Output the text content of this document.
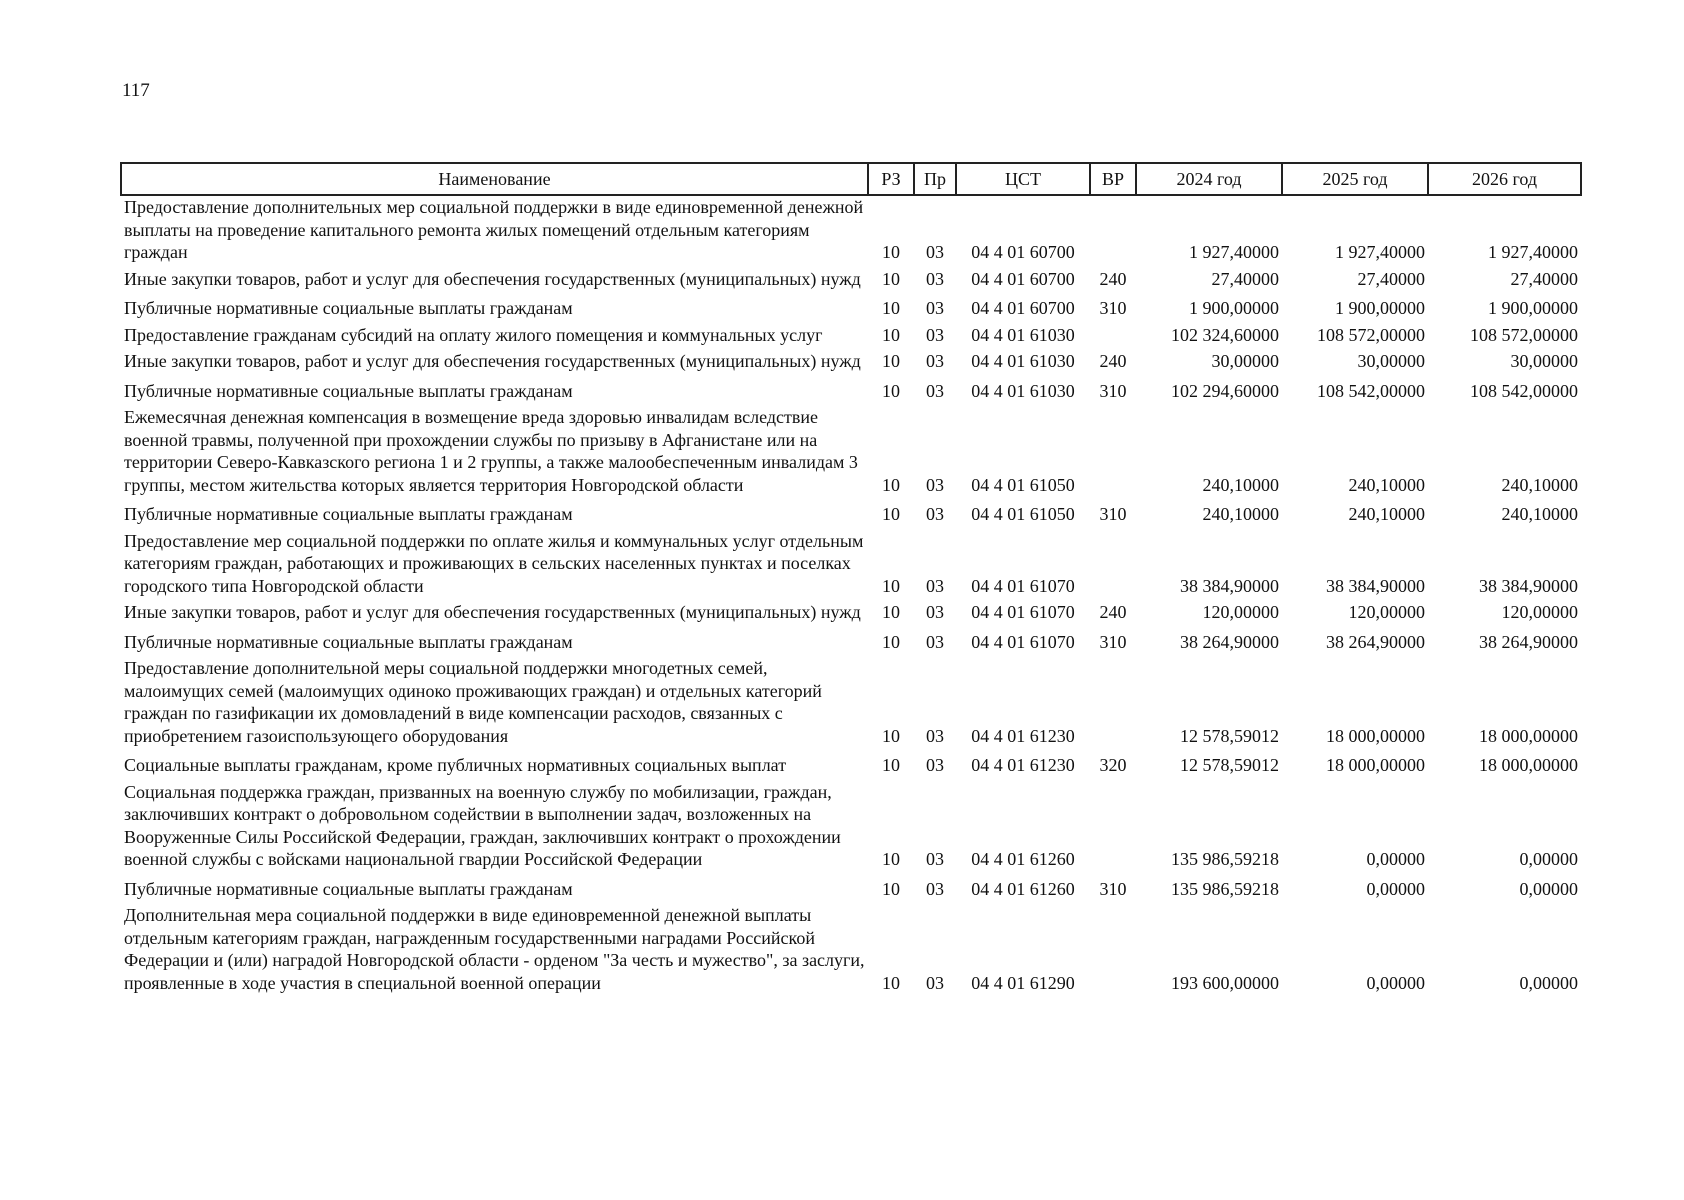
117
Наименование	РЗ	Пр	ЦСТ	ВР	2024 год	2025 год	2026 год
Предоставление дополнительных мер социальной поддержки в виде единовременной денежной выплаты на проведение капитального ремонта жилых помещений отдельным категориям граждан	10	03	04 4 01 60700		1 927,40000	1 927,40000	1 927,40000
Иные закупки товаров, работ и услуг для обеспечения государственных (муниципальных) нужд	10	03	04 4 01 60700	240	27,40000	27,40000	27,40000
Публичные нормативные социальные выплаты гражданам	10	03	04 4 01 60700	310	1 900,00000	1 900,00000	1 900,00000
Предоставление гражданам субсидий на оплату жилого помещения и коммунальных услуг	10	03	04 4 01 61030		102 324,60000	108 572,00000	108 572,00000
Иные закупки товаров, работ и услуг для обеспечения государственных (муниципальных) нужд	10	03	04 4 01 61030	240	30,00000	30,00000	30,00000
Публичные нормативные социальные выплаты гражданам	10	03	04 4 01 61030	310	102 294,60000	108 542,00000	108 542,00000
Ежемесячная денежная компенсация в возмещение вреда здоровью инвалидам вследствие военной травмы, полученной при прохождении службы по призыву в Афганистане или на территории Северо-Кавказского региона 1 и 2 группы, а также малообеспеченным инвалидам 3 группы, местом жительства которых является территория Новгородской области	10	03	04 4 01 61050		240,10000	240,10000	240,10000
Публичные нормативные социальные выплаты гражданам	10	03	04 4 01 61050	310	240,10000	240,10000	240,10000
Предоставление мер социальной поддержки по оплате жилья и коммунальных услуг отдельным категориям граждан, работающих и проживающих в сельских населенных пунктах и поселках городского типа Новгородской области	10	03	04 4 01 61070		38 384,90000	38 384,90000	38 384,90000
Иные закупки товаров, работ и услуг для обеспечения государственных (муниципальных) нужд	10	03	04 4 01 61070	240	120,00000	120,00000	120,00000
Публичные нормативные социальные выплаты гражданам	10	03	04 4 01 61070	310	38 264,90000	38 264,90000	38 264,90000
Предоставление дополнительной меры социальной поддержки многодетных семей, малоимущих семей (малоимущих одиноко проживающих граждан) и отдельных категорий граждан по газификации их домовладений в виде компенсации расходов, связанных с приобретением газоиспользующего оборудования	10	03	04 4 01 61230		12 578,59012	18 000,00000	18 000,00000
Социальные выплаты гражданам, кроме публичных нормативных социальных выплат	10	03	04 4 01 61230	320	12 578,59012	18 000,00000	18 000,00000
Социальная поддержка граждан, призванных на военную службу по мобилизации, граждан, заключивших контракт о добровольном содействии в выполнении задач, возложенных на Вооруженные Силы Российской Федерации, граждан, заключивших контракт о прохождении военной службы с войсками национальной гвардии Российской Федерации	10	03	04 4 01 61260		135 986,59218	0,00000	0,00000
Публичные нормативные социальные выплаты гражданам	10	03	04 4 01 61260	310	135 986,59218	0,00000	0,00000
Дополнительная мера социальной поддержки в виде единовременной денежной выплаты отдельным категориям граждан, награжденным государственными наградами Российской Федерации и (или) наградой Новгородской области - орденом "За честь и мужество", за заслуги, проявленные в ходе участия в специальной военной операции	10	03	04 4 01 61290		193 600,00000	0,00000	0,00000
